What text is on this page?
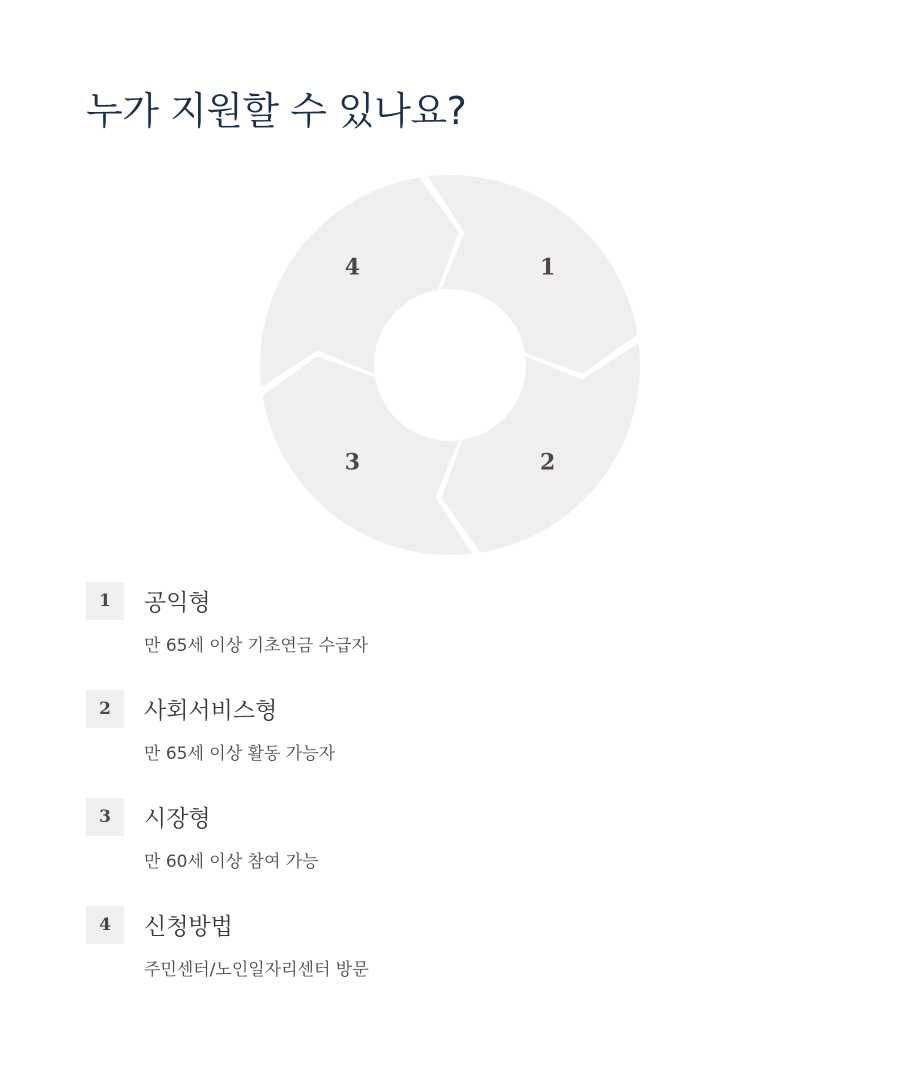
누가 지원할 수 있나요?
1
2
3
4
1	공익형
만 65세 이상 기초연금 수급자
2	사회서비스형
만 65세 이상 활동 가능자
3	시장형
만 60세 이상 참여 가능
4	신청방법
주민센터/노인일자리센터 방문
